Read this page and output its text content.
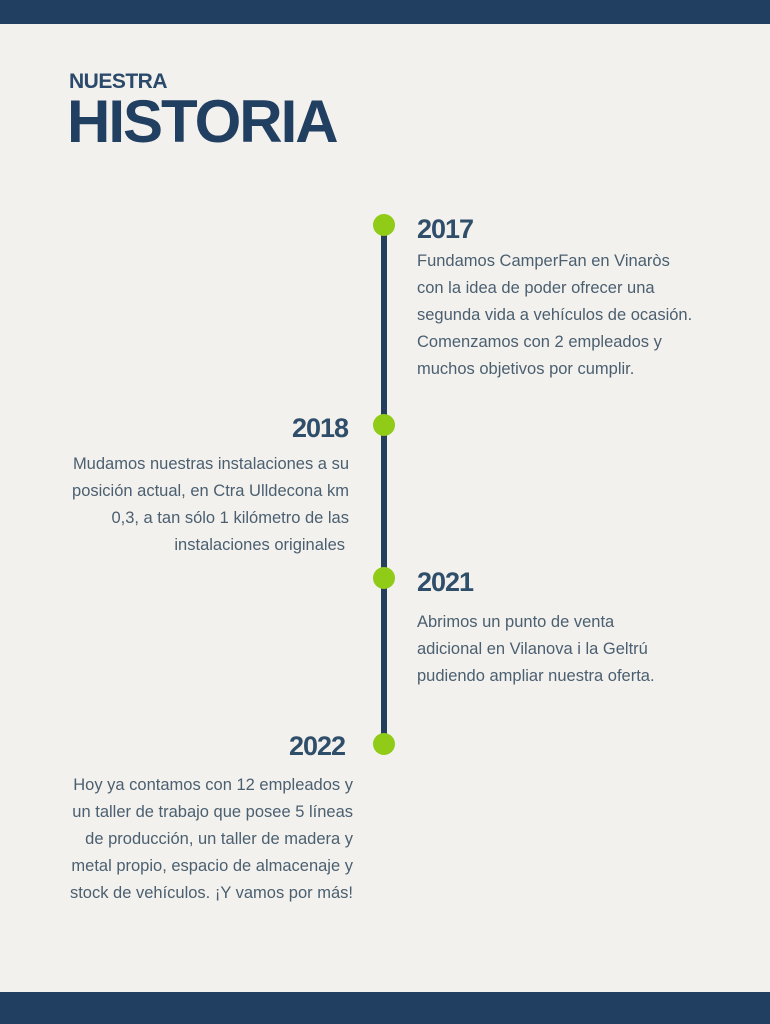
NUESTRA
HISTORIA
2017
Fundamos CamperFan en Vinaròs
con la idea de poder ofrecer una
segunda vida a vehículos de ocasión.
Comenzamos con 2 empleados y
muchos objetivos por cumplir.
2018
Mudamos nuestras instalaciones a su
posición actual, en Ctra Ulldecona km
0,3, a tan sólo 1 kilómetro de las
instalaciones originales
2021
Abrimos un punto de venta
adicional en Vilanova i la Geltrú
pudiendo ampliar nuestra oferta.
2022
Hoy ya contamos con 12 empleados y
un taller de trabajo que posee 5 líneas
de producción, un taller de madera y
metal propio, espacio de almacenaje y
stock de vehículos. ¡Y vamos por más!
